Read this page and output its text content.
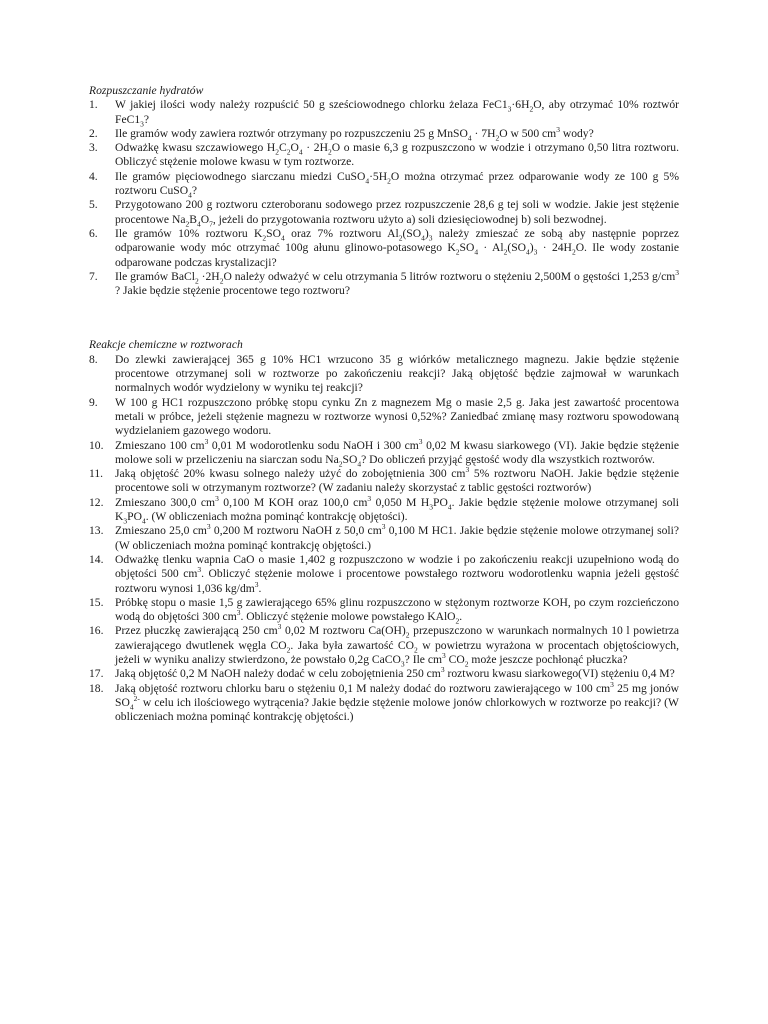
Rozpuszczanie hydratów

1. W jakiej ilości wody należy rozpuścić 50 g sześciowodnego chlorku żelaza $FeC1_3\cdot 6H_2O$, aby otrzymać 10% roztwór $FeC1_3$?
2. Ile gramów wody zawiera roztwór otrzymany po rozpuszczeniu 25 g MnSO$_4$ · $7H_2O$ w 500 $cm^3$ wody?
3. Odważkę kwasu szczawiowego $H_2C_2O_4 \cdot 2H_2O$ o masie 6,3 g rozpuszczono w wodzie i otrzymano 0,50 litra roztworu. Obliczyć stężenie molowe kwasu w tym roztworze.
4. Ile gramów pięciowodnego siarczanu miedzi $CuSO_4\cdot 5H_2O$ można otrzymać przez odparowanie wody ze 100 g 5% roztworu CuSO$_4$?
5. Przygotowano 200 g roztworu czteroboranu sodowego przez rozpuszczenie 28,6 g tej soli w wodzie. Jakie jest stężenie procentowe $Na_2B_4O_7$, jeżeli do przygotowania roztworu użyto a) soli dziesięciowodnej b) soli bezwodnej.
6. Ile gramów 10% roztworu $K_2SO_4$ oraz 7% roztworu $Al_2(SO_4)_3$ należy zmieszać ze sobą aby następnie poprzez odparowanie wody móc otrzymać 100g ałunu glinowo-potasowego $K_2SO_4 \cdot Al_2(SO_4)_3 \cdot 24H_2O$. Ile wody zostanie odparowane podczas krystalizacji?
7. Ile gramów BaCl$_2$ $\cdot 2H_2O$ należy odważyć w celu otrzymania 5 litrów roztworu o stężeniu 2,500M o gęstości 1,253 $g/cm^3$ ? Jakie będzie stężenie procentowe tego roztworu?

Reakcje chemiczne w roztworach

8. Do zlewki zawierającej 365 g 10% HC1 wrzucono 35 g wiórków metalicznego magnezu. Jakie będzie stężenie procentowe otrzymanej soli w roztworze po zakończeniu reakcji? Jaką objętość będzie zajmował w warunkach normalnych wodór wydzielony w wyniku tej reakcji?
9. W 100 g HC1 rozpuszczono próbkę stopu cynku Zn z magnezem Mg o masie 2,5 g. Jaka jest zawartość procentowa metali w próbce, jeżeli stężenie magnezu w roztworze wynosi 0,52%? Zaniedbać zmianę masy roztworu spowodowaną wydzielaniem gazowego wodoru.
10. Zmieszano 100 $cm^3$ 0,01 M wodorotlenku sodu NaOH i 300 $cm^3$ 0,02 M kwasu siarkowego (VI). Jakie będzie stężenie molowe soli w przeliczeniu na siarczan sodu $Na_2SO_4$? Do obliczeń przyjąć gęstość wody dla wszystkich roztworów.
11. Jaką objętość 20% kwasu solnego należy użyć do zobojętnienia 300 $cm^3$ 5% roztworu NaOH. Jakie będzie stężenie procentowe soli w otrzymanym roztworze? (W zadaniu należy skorzystać z tablic gęstości roztworów)
12. Zmieszano 300,0 $cm^3$ 0,100 M KOH oraz 100,0 $cm^3$ 0,050 M $H_3PO_4$. Jakie będzie stężenie molowe otrzymanej soli $K_3PO_4$. (W obliczeniach można pominąć kontrakcję objętości).
13. Zmieszano 25,0 $cm^3$ 0,200 M roztworu NaOH z 50,0 $cm^3$ 0,100 M HC1. Jakie będzie stężenie molowe otrzymanej soli? (W obliczeniach można pominąć kontrakcję objętości.)
14. Odważkę tlenku wapnia CaO o masie 1,402 g rozpuszczono w wodzie i po zakończeniu reakcji uzupełniono wodą do objętości 500 $cm^3$. Obliczyć stężenie molowe i procentowe powstałego roztworu wodorotlenku wapnia jeżeli gęstość roztworu wynosi 1,036 $kg/dm^3$.
15. Próbkę stopu o masie 1,5 g zawierającego 65% glinu rozpuszczono w stężonym roztworze KOH, po czym rozcieńczono wodą do objętości 300 $cm^3$. Obliczyć stężenie molowe powstałego KAlO$_2$.
16. Przez płuczkę zawierającą 250 $cm^3$ 0,02 M roztworu $Ca(OH)_2$ przepuszczono w warunkach normalnych 10 l powietrza zawierającego dwutlenek węgla $CO_2$. Jaka była zawartość $CO_2$ w powietrzu wyrażona w procentach objętościowych, jeżeli w wyniku analizy stwierdzono, że powstało 0,2g CaCO$_3$? Ile $cm^3$ $CO_2$ może jeszcze pochłonąć płuczka?
17. Jaką objętość 0,2 M NaOH należy dodać w celu zobojętnienia 250 $cm^3$ roztworu kwasu siarkowego(VI) stężeniu 0,4 M?
18. Jaką objętość roztworu chlorku baru o stężeniu 0,1 M należy dodać do roztworu zawierającego w 100 $cm^3$ 25 mg jonów $SO_4^{2-}$ w celu ich ilościowego wytrącenia? Jakie będzie stężenie molowe jonów chlorkowych w roztworze po reakcji? (W obliczeniach można pominąć kontrakcję objętości.)
